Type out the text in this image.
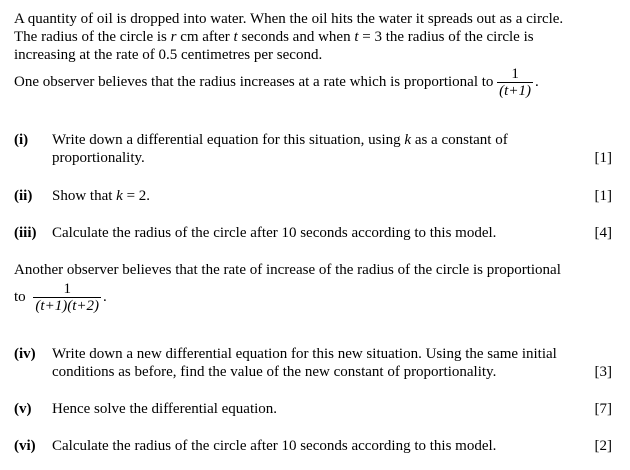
A quantity of oil is dropped into water. When the oil hits the water it spreads out as a circle.

The radius of the circle is r cm after t seconds and when t = 3 the radius of the circle is

increasing at the rate of 0.5 centimetres per second.

One observer believes that the radius increases at a rate which is proportional to $\frac{1}{(t+1)}$ .
(i) Write down a differential equation for this situation, using k as a constant of
proportionality.	[1]
(ii) Show that k = 2.	[1]
(iii) Calculate the radius of the circle after 10 seconds according to this model.	[4]
Another observer believes that the rate of increase of the radius of the circle is proportional
to $\frac{1}{(t+1)(t+2)}$ .
(iv) Write down a new differential equation for this new situation. Using the same initial
conditions as before, find the value of the new constant of proportionality.	[3]
(v) Hence solve the differential equation.	[7]
(vi) Calculate the radius of the circle after 10 seconds according to this model.	[2]
